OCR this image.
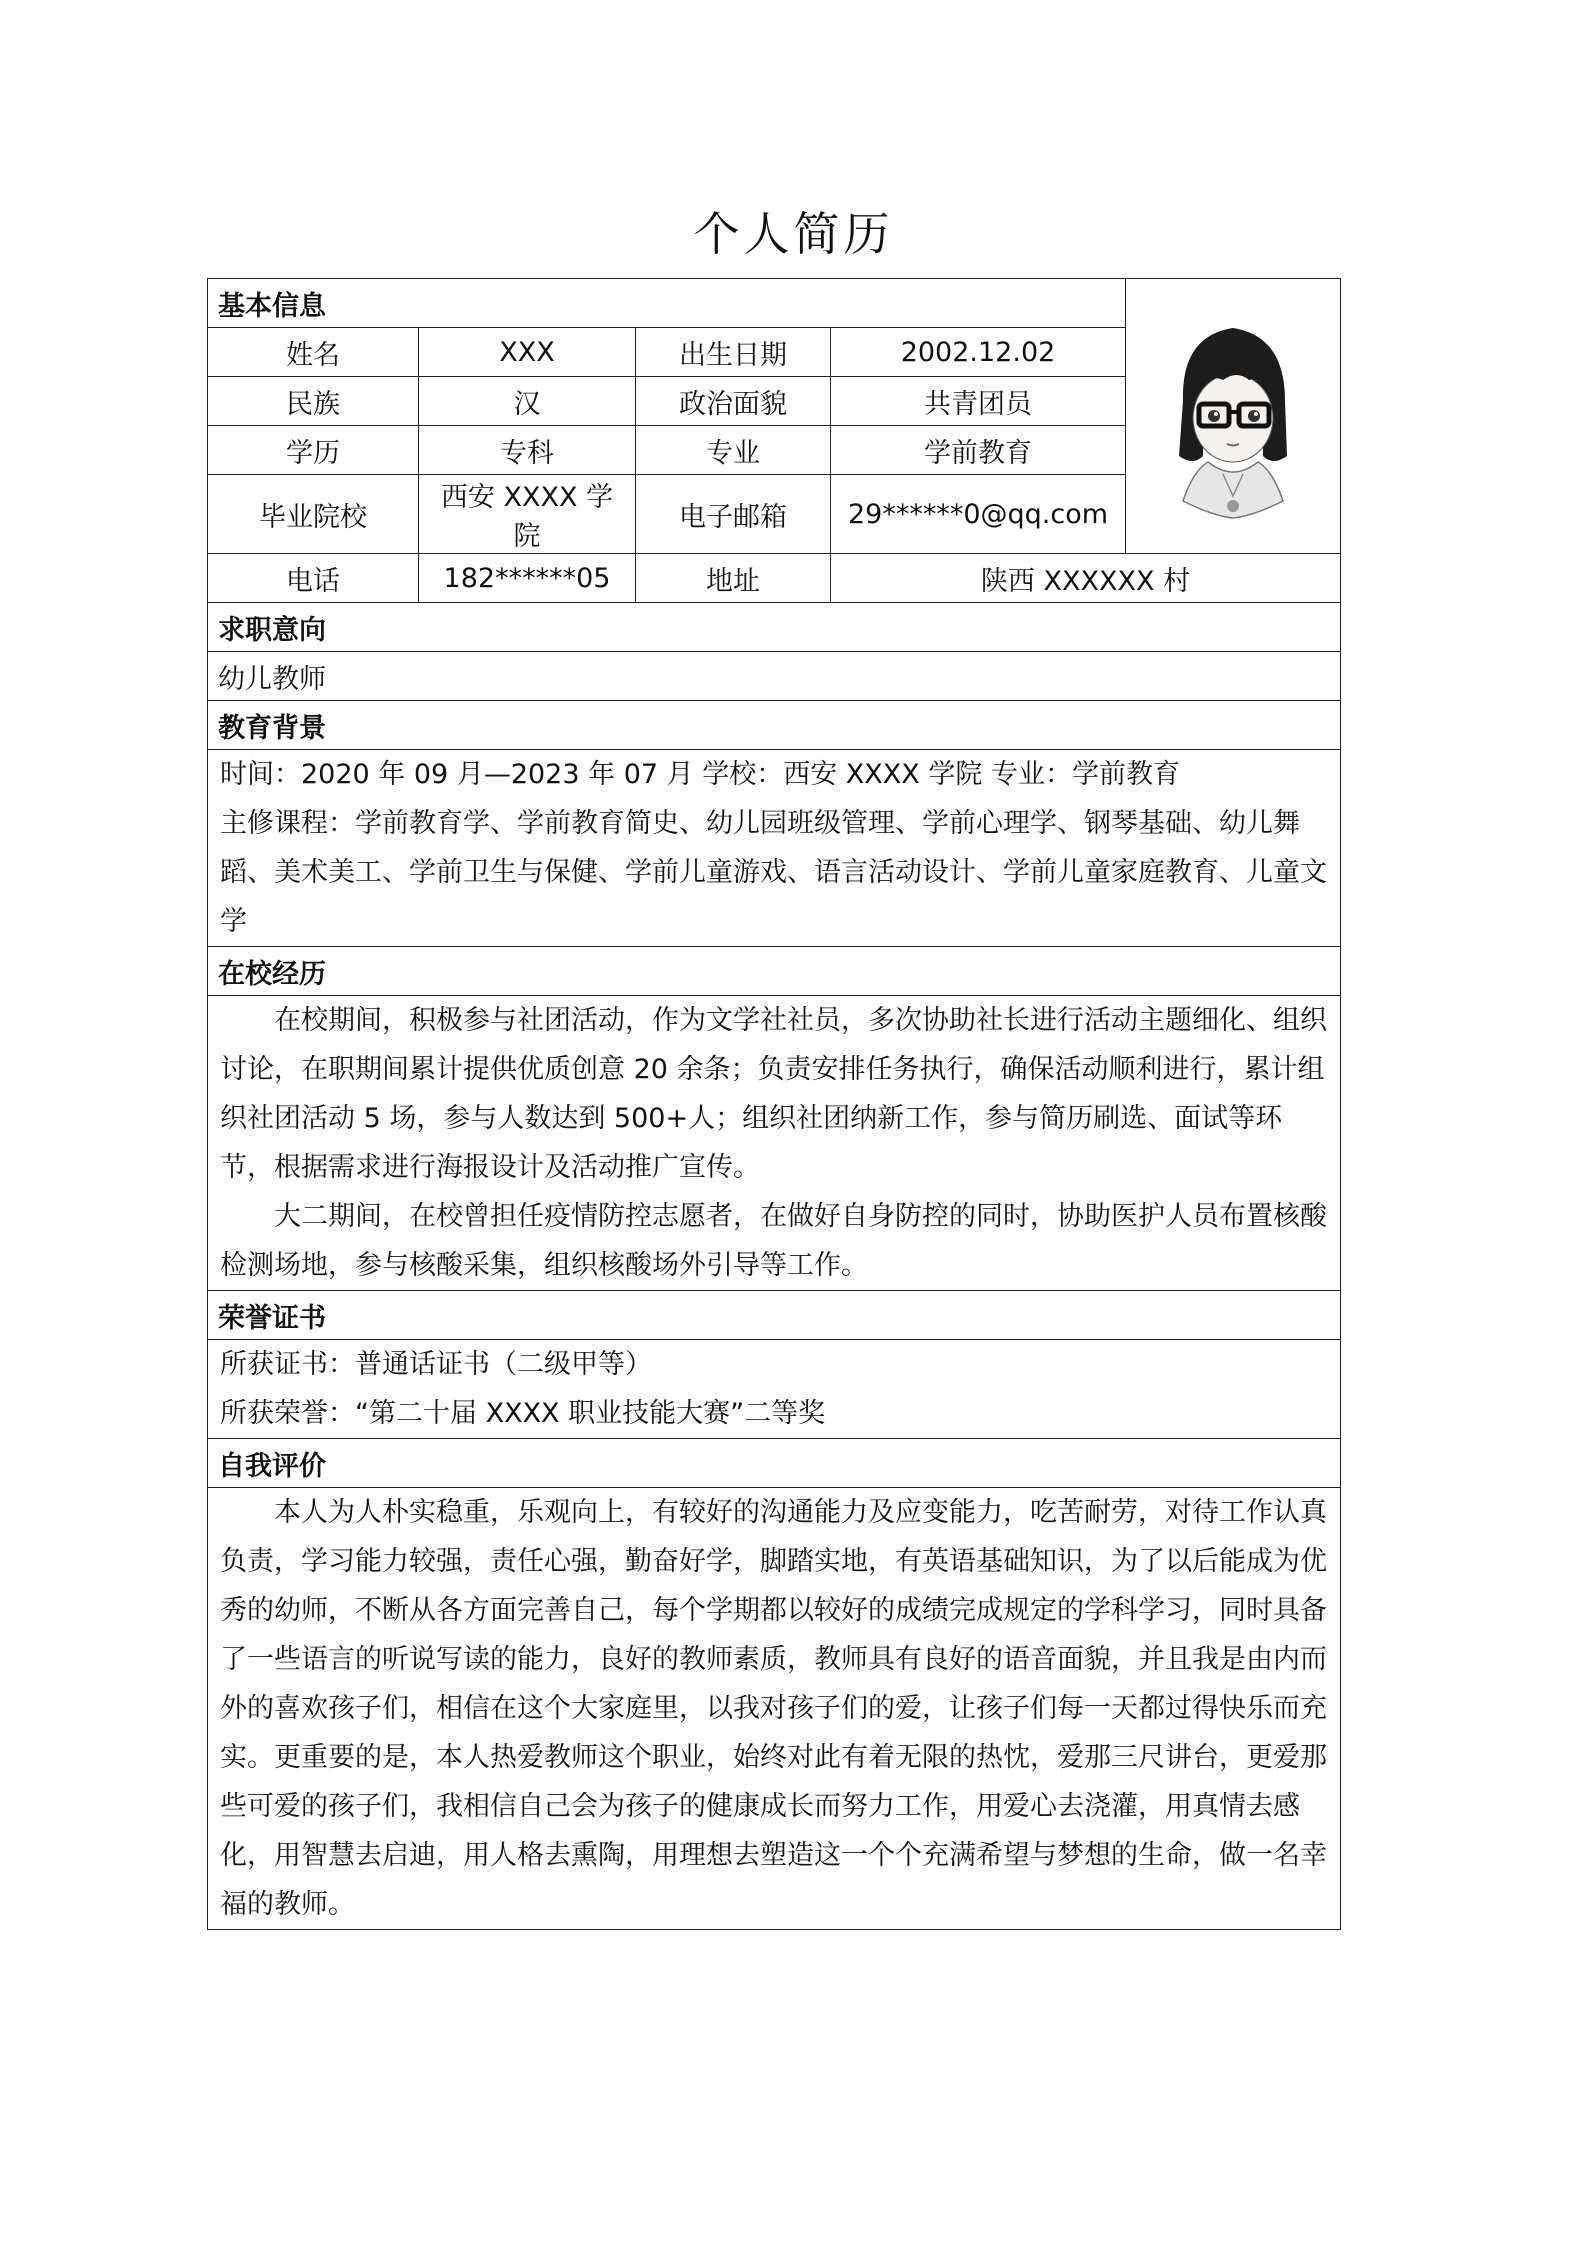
个人简历
基本信息	

姓名	XXX	出生日期	2002.12.02	
民族	汉	政治面貌	共青团员	
学历	专科	专业	学前教育	
毕业院校	西安 XXXX 学院	电子邮箱	29******0@qq.com	
电话	182******05	地址	陕西 XXXXXX 村	
求职意向				
幼儿教师				
教育背景				

时间：2020 年 09 月—2023 年 07 月 学校：西安 XXXX 学院 专业：学前教育

主修课程：学前教育学、学前教育简史、幼儿园班级管理、学前心理学、钢琴基础、幼儿舞蹈、美术美工、学前卫生与保健、学前儿童游戏、语言活动设计、学前儿童家庭教育、儿童文学				

在校经历				

在校期间，积极参与社团活动，作为文学社社员，多次协助社长进行活动主题细化、组织讨论，在职期间累计提供优质创意 20 余条；负责安排任务执行，确保活动顺利进行，累计组织社团活动 5 场，参与人数达到 500+人；组织社团纳新工作，参与简历刷选、面试等环节，根据需求进行海报设计及活动推广宣传。

大二期间，在校曾担任疫情防控志愿者，在做好自身防控的同时，协助医护人员布置核酸检测场地，参与核酸采集，组织核酸场外引导等工作。				

荣誉证书				

所获证书：普通话证书（二级甲等）

所获荣誉：“第二十届 XXXX 职业技能大赛”二等奖				

自我评价				

本人为人朴实稳重，乐观向上，有较好的沟通能力及应变能力，吃苦耐劳，对待工作认真负责，学习能力较强，责任心强，勤奋好学，脚踏实地，有英语基础知识，为了以后能成为优秀的幼师，不断从各方面完善自己，每个学期都以较好的成绩完成规定的学科学习，同时具备了一些语言的听说写读的能力，良好的教师素质，教师具有良好的语音面貌，并且我是由内而外的喜欢孩子们，相信在这个大家庭里，以我对孩子们的爱，让孩子们每一天都过得快乐而充实。更重要的是，本人热爱教师这个职业，始终对此有着无限的热忱，爱那三尺讲台，更爱那些可爱的孩子们，我相信自己会为孩子的健康成长而努力工作，用爱心去浇灌，用真情去感化，用智慧去启迪，用人格去熏陶，用理想去塑造这一个个充满希望与梦想的生命，做一名幸福的教师。				
